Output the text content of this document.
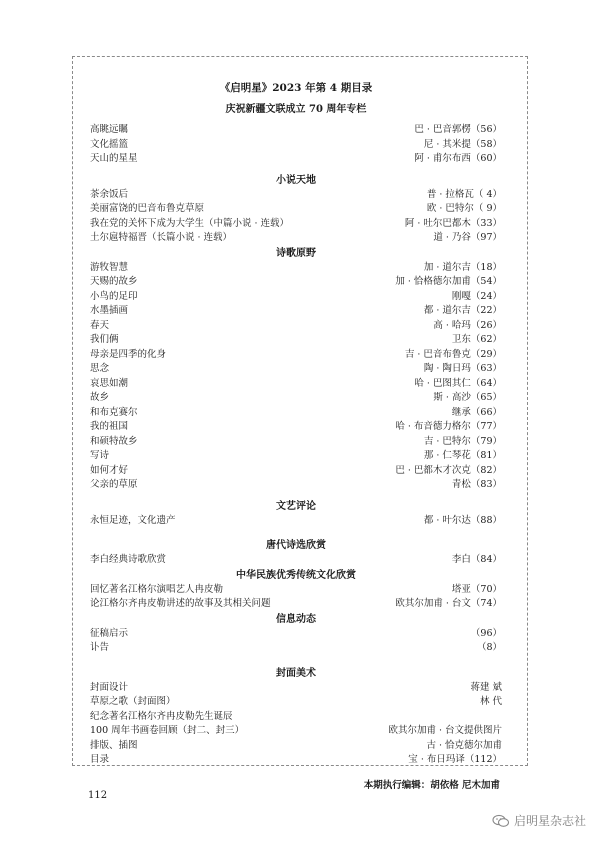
《启明星》2023 年第 4 期目录
庆祝新疆文联成立 70 周年专栏
高眺远瞩	巴 · 巴音郭楞（56）
文化摇篮	尼 · 其米提（58）
天山的星星	阿 · 甫尔布西（60）
小说天地
茶余饭后	普 · 拉格瓦（ 4）
美丽富饶的巴音布鲁克草原	欧 · 巴特尔（ 9）
我在党的关怀下成为大学生（中篇小说 · 连载）	阿 · 吐尔巴都木（33）
土尔扈特福晋（长篇小说 · 连载）	道 · 乃谷（97）
诗歌原野
游牧智慧	加 · 道尔吉（18）
天赐的故乡	加 · 恰格德尔加甫（54）
小鸟的足印	刚嘎（24）
水墨插画	都 · 道尔吉（22）
春天	高 · 哈玛（26）
我们俩	卫东（62）
母亲是四季的化身	吉 · 巴音布鲁克（29）
思念	陶 · 陶日玛（63）
哀思如潮	哈 · 巴图其仁（64）
故乡	斯 · 高沙（65）
和布克赛尔	继承（66）
我的祖国	哈 · 布音德力格尔（77）
和硕特故乡	吉 · 巴特尔（79）
写诗	那 · 仁琴花（81）
如何才好	巴 · 巴都木才次克（82）
父亲的草原	青松（83）
文艺评论
永恒足迹，文化遗产	都 · 叶尔达（88）
唐代诗选欣赏
李白经典诗歌欣赏	李白（84）
中华民族优秀传统文化欣赏
回忆著名江格尔演唱艺人冉皮勒	塔亚（70）
论江格尔齐冉皮勒讲述的故事及其相关问题	欧其尔加甫 · 台文（74）
信息动态
征稿启示	（96）
讣告	（8）
封面美术
封面设计	蒋建 斌
草原之歌（封面图）	林 代
纪念著名江格尔齐冉皮勒先生诞辰
100 周年书画卷回顾（封二、封三）	欧其尔加甫 · 台文提供图片
排版、插图	古 · 恰克德尔加甫
目录	宝 · 布日玛译（112）
本期执行编辑：胡依格 尼木加甫
112
启明星杂志社
